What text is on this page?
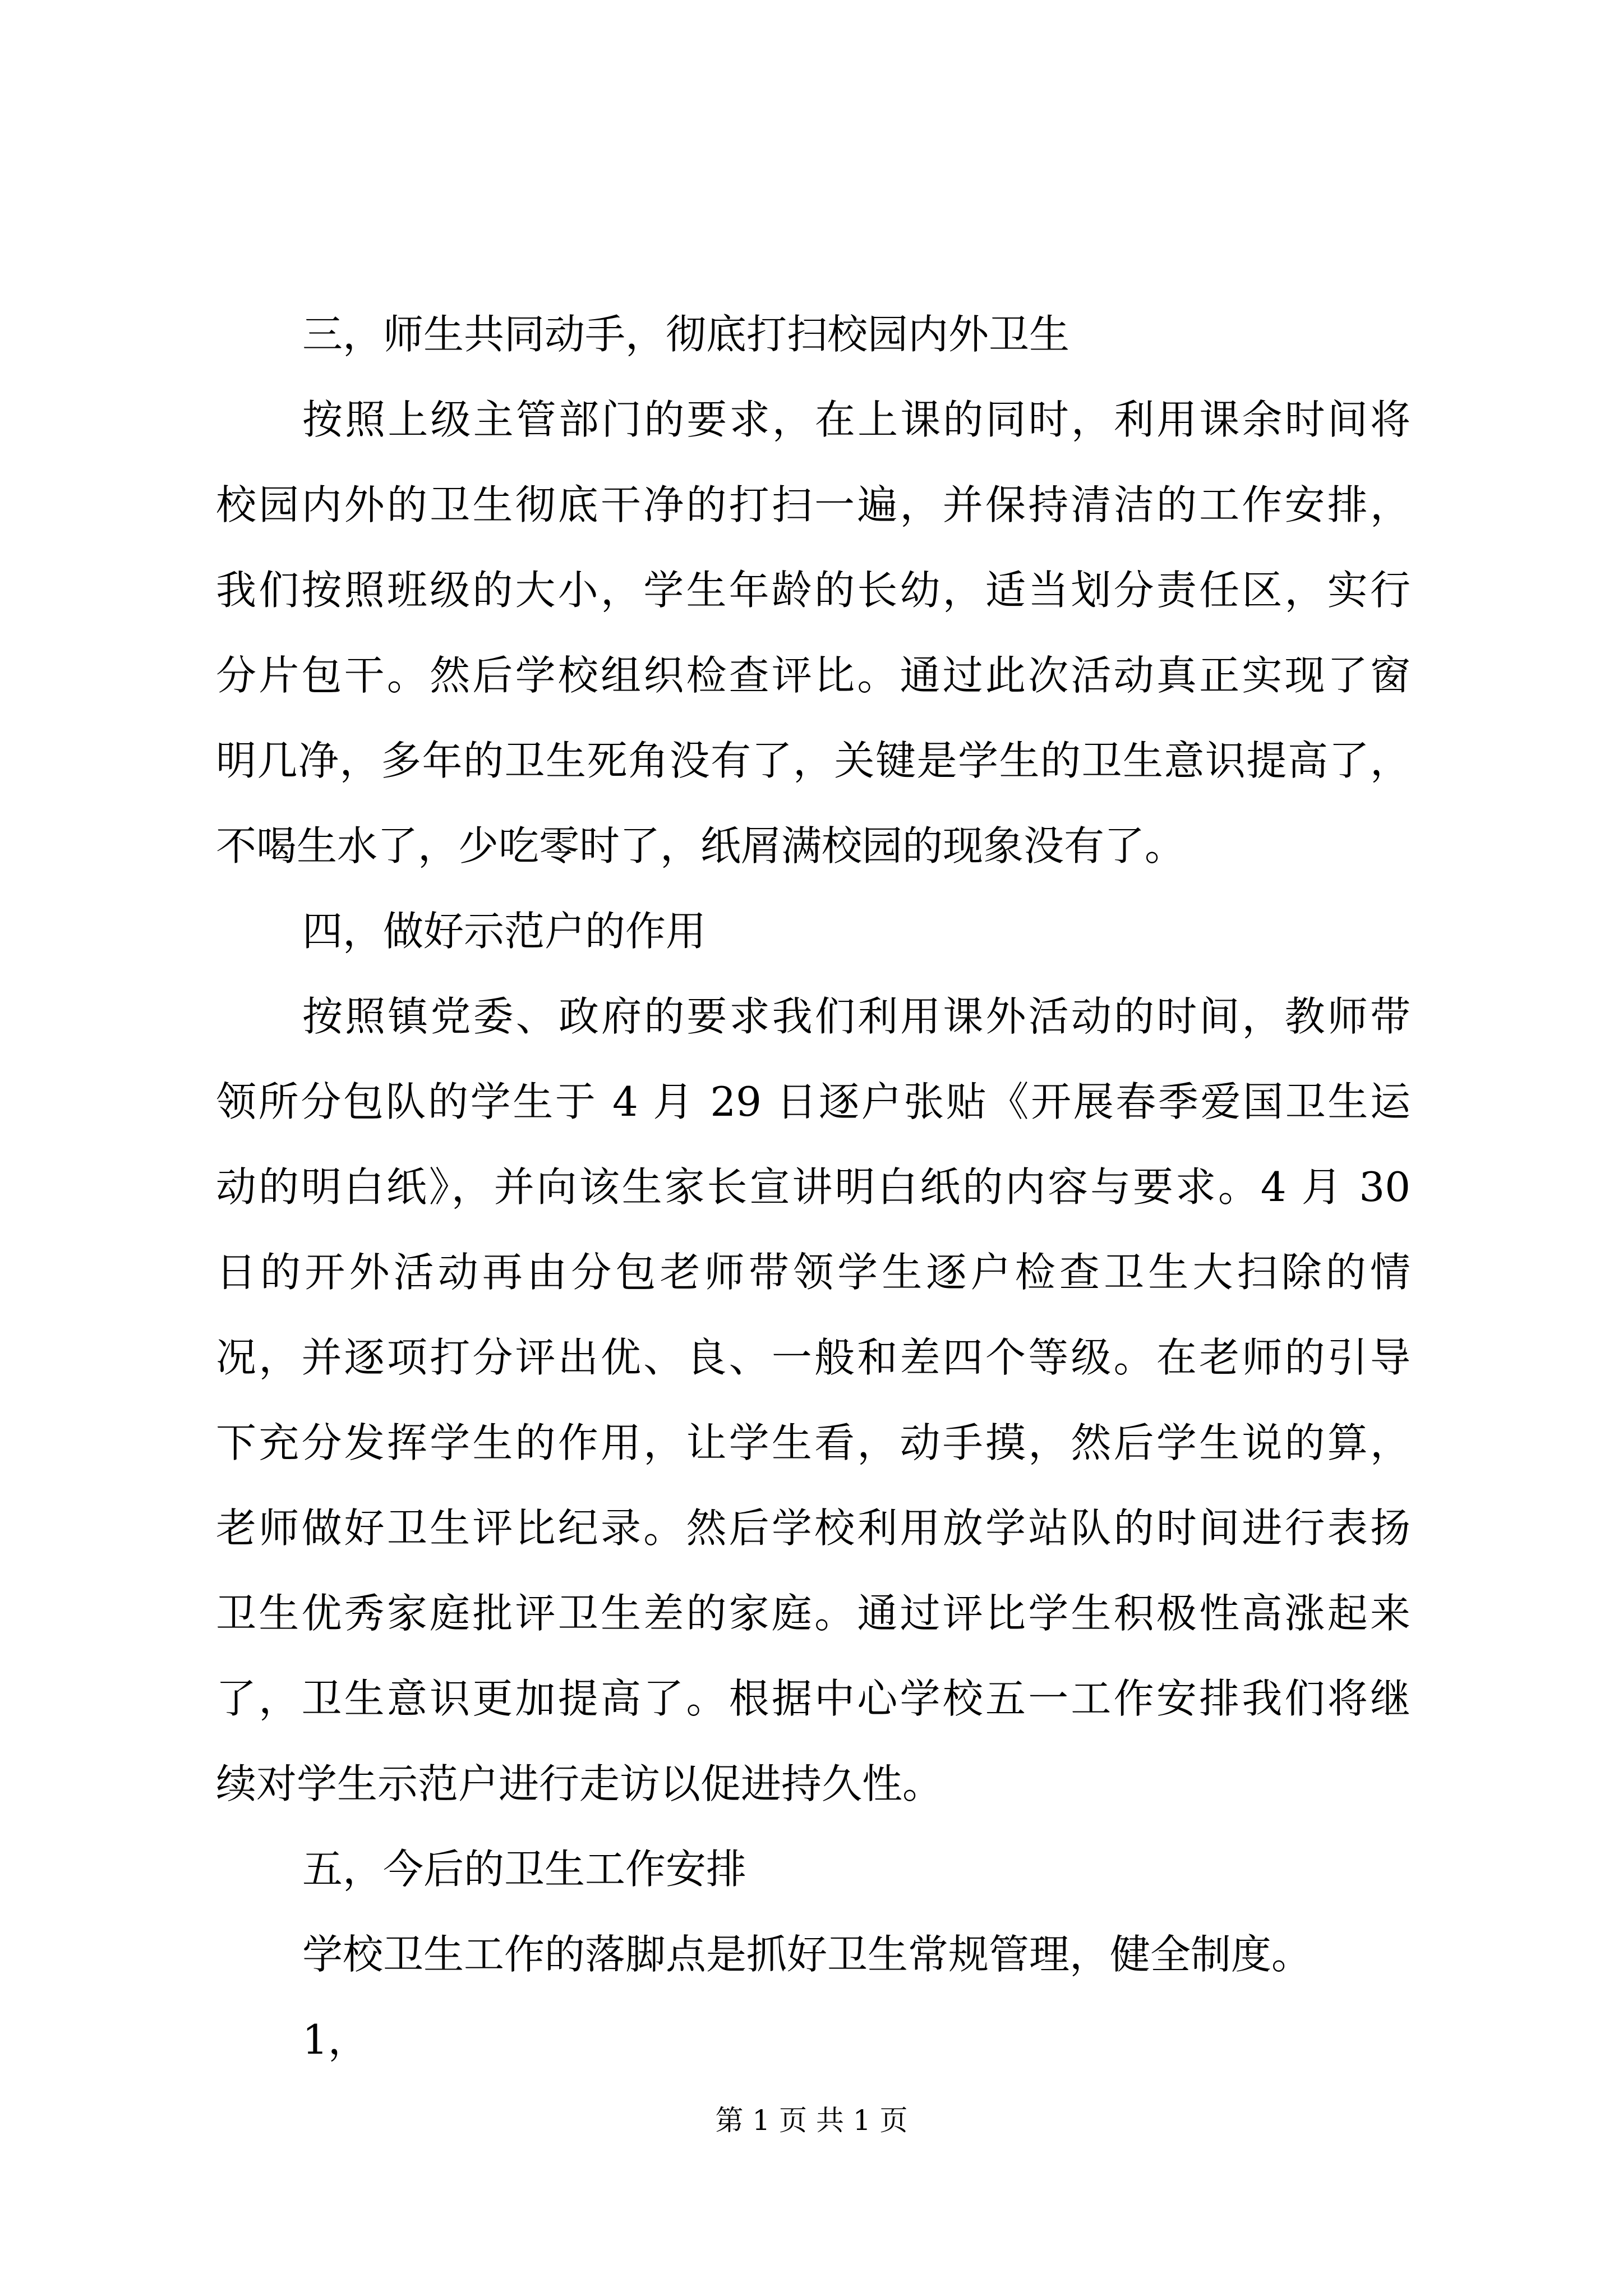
三，师生共同动手，彻底打扫校园内外卫生
按照上级主管部门的要求，在上课的同时，利用课余时间将
校园内外的卫生彻底干净的打扫一遍，并保持清洁的工作安排，
我们按照班级的大小，学生年龄的长幼，适当划分责任区，实行
分片包干。然后学校组织检查评比。通过此次活动真正实现了窗
明几净，多年的卫生死角没有了，关键是学生的卫生意识提高了，
不喝生水了，少吃零时了，纸屑满校园的现象没有了。
四，做好示范户的作用
按照镇党委、政府的要求我们利用课外活动的时间，教师带
领所分包队的学生于 4 月 29 日逐户张贴《开展春季爱国卫生运
动的明白纸》，并向该生家长宣讲明白纸的内容与要求。4 月 30
日的开外活动再由分包老师带领学生逐户检查卫生大扫除的情
况，并逐项打分评出优、良、一般和差四个等级。在老师的引导
下充分发挥学生的作用，让学生看，动手摸，然后学生说的算，
老师做好卫生评比纪录。然后学校利用放学站队的时间进行表扬
卫生优秀家庭批评卫生差的家庭。通过评比学生积极性高涨起来
了，卫生意识更加提高了。根据中心学校五一工作安排我们将继
续对学生示范户进行走访以促进持久性。
五，今后的卫生工作安排
学校卫生工作的落脚点是抓好卫生常规管理，健全制度。
1，
第 1 页 共 1 页
